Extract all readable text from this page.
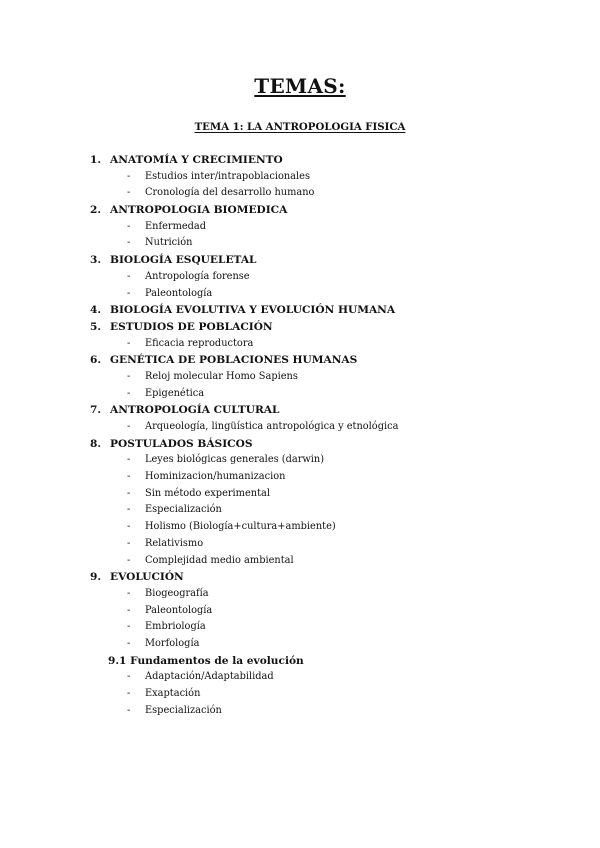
TEMAS:
TEMA 1: LA ANTROPOLOGIA FISICA
1. ANATOMÍA Y CRECIMIENTO
- Estudios inter/intrapoblacionales
- Cronología del desarrollo humano
2. ANTROPOLOGIA BIOMEDICA
- Enfermedad
- Nutrición
3. BIOLOGÍA ESQUELETAL
- Antropología forense
- Paleontología
4. BIOLOGÍA EVOLUTIVA Y EVOLUCIÓN HUMANA
5. ESTUDIOS DE POBLACIÓN
- Eficacia reproductora
6. GENÉTICA DE POBLACIONES HUMANAS
- Reloj molecular Homo Sapiens
- Epigenética
7. ANTROPOLOGÍA CULTURAL
- Arqueología, lingüística antropológica y etnológica
8. POSTULADOS BÁSICOS
- Leyes biológicas generales (darwin)
- Hominizacion/humanizacion
- Sin método experimental
- Especialización
- Holismo (Biología+cultura+ambiente)
- Relativismo
- Complejidad medio ambiental
9. EVOLUCIÓN
- Biogeografía
- Paleontología
- Embriología
- Morfología
9.1 Fundamentos de la evolución
- Adaptación/Adaptabilidad
- Exaptación
- Especialización
